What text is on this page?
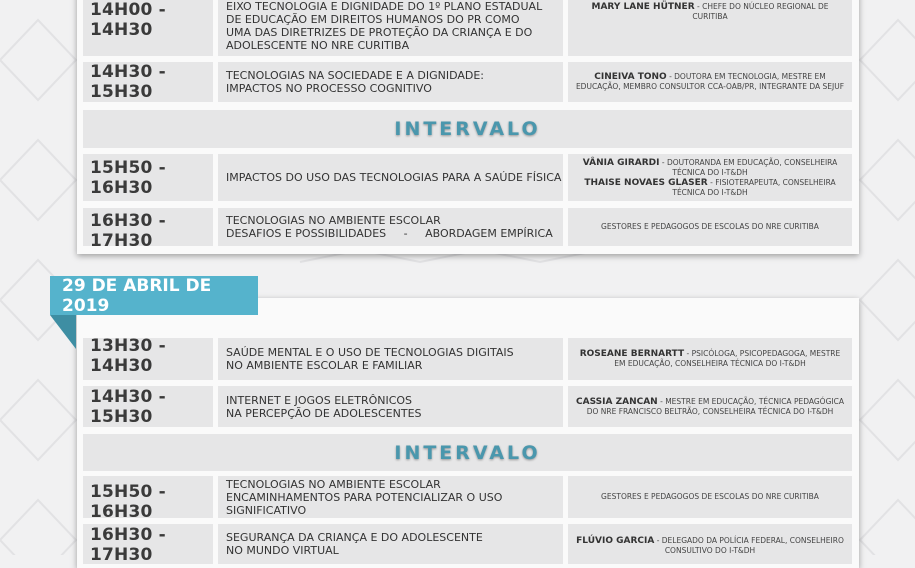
14H00 - 14H30
EIXO TECNOLOGIA E DIGNIDADE DO 1º PLANO ESTADUAL
DE EDUCAÇÃO EM DIREITOS HUMANOS DO PR COMO
UMA DAS DIRETRIZES DE PROTEÇÃO DA CRIANÇA E DO
ADOLESCENTE NO NRE CURITIBA
MARY LANE HÜTNER - CHEFE DO NÚCLEO REGIONAL DE CURITIBA
14H30 - 15H30
TECNOLOGIAS NA SOCIEDADE E A DIGNIDADE:
IMPACTOS NO PROCESSO COGNITIVO
CINEIVA TONO - DOUTORA EM TECNOLOGIA, MESTRE EM EDUCAÇÃO, MEMBRO CONSULTOR CCA-OAB/PR, INTEGRANTE DA SEJUF
INTERVALO
15H50 - 16H30	IMPACTOS DO USO DAS TECNOLOGIAS PARA A SAÚDE FÍSICA
VÂNIA GIRARDI - DOUTORANDA EM EDUCAÇÃO, CONSELHEIRA TÉCNICA DO I-T&DH
THAISE NOVAES GLASER - FISIOTERAPEUTA, CONSELHEIRA TÉCNICA DO I-T&DH
16H30 - 17H30
TECNOLOGIAS NO AMBIENTE ESCOLAR
DESAFIOS E POSSIBILIDADES     -     ABORDAGEM EMPÍRICA
GESTORES E PEDAGOGOS DE ESCOLAS DO NRE CURITIBA
29 DE ABRIL DE 2019
13H30 - 14H30
SAÚDE MENTAL E O USO DE TECNOLOGIAS DIGITAIS
NO AMBIENTE ESCOLAR E FAMILIAR
ROSEANE BERNARTT - PSICÓLOGA, PSICOPEDAGOGA, MESTRE EM EDUCAÇÃO, CONSELHEIRA TÉCNICA DO I-T&DH
14H30 - 15H30
INTERNET E JOGOS ELETRÔNICOS
NA PERCEPÇÃO DE ADOLESCENTES
CASSIA ZANCAN - MESTRE EM EDUCAÇÃO, TÉCNICA PEDAGÓGICA DO NRE FRANCISCO BELTRÃO, CONSELHEIRA TÉCNICA DO I-T&DH
INTERVALO
15H50 - 16H30
TECNOLOGIAS NO AMBIENTE ESCOLAR
ENCAMINHAMENTOS PARA POTENCIALIZAR O USO SIGNIFICATIVO
GESTORES E PEDAGOGOS DE ESCOLAS DO NRE CURITIBA
16H30 - 17H30
SEGURANÇA DA CRIANÇA E DO ADOLESCENTE
NO MUNDO VIRTUAL
FLÚVIO GARCIA - DELEGADO DA POLÍCIA FEDERAL, CONSELHEIRO CONSULTIVO DO I-T&DH
